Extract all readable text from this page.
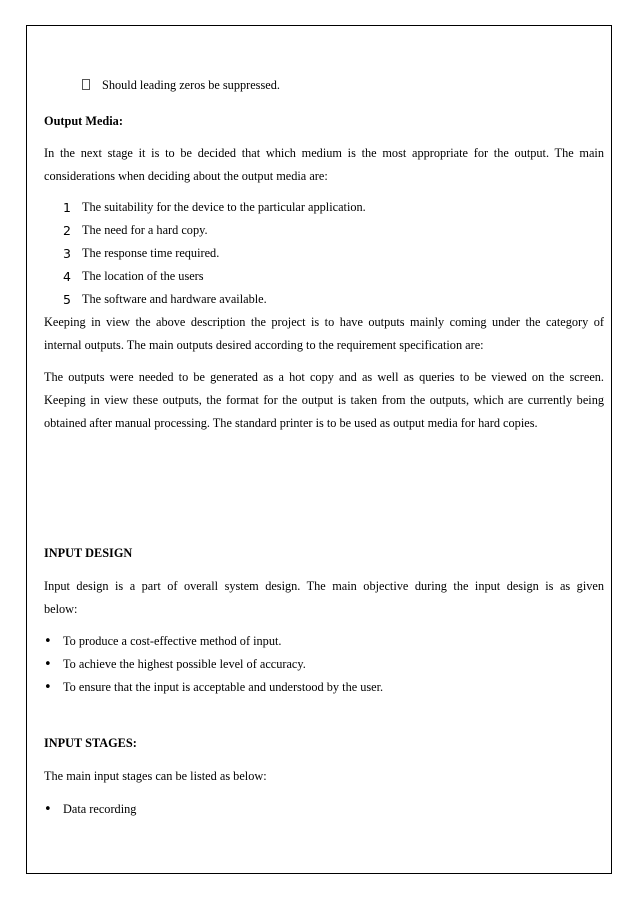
Should leading zeros be suppressed.
Output Media:
In the next stage it is to be decided that which medium is the most appropriate for the output. The main
considerations when deciding about the output media are:
1 The suitability for the device to the particular application.
2 The need for a hard copy.
3 The response time required.
4 The location of the users
5 The software and hardware available.
Keeping in view the above description the project is to have outputs mainly coming under the category of
internal outputs. The main outputs desired according to the requirement specification are:
The outputs were needed to be generated as a hot copy and as well as queries to be viewed on the screen.
Keeping in view these outputs, the format for the output is taken from the outputs, which are currently being
obtained after manual processing. The standard printer is to be used as output media for hard copies.
INPUT DESIGN
Input design is a part of overall system design. The main objective during the input design is as given
below:
• To produce a cost-effective method of input.
• To achieve the highest possible level of accuracy.
• To ensure that the input is acceptable and understood by the user.
INPUT STAGES:
The main input stages can be listed as below:
• Data recording
